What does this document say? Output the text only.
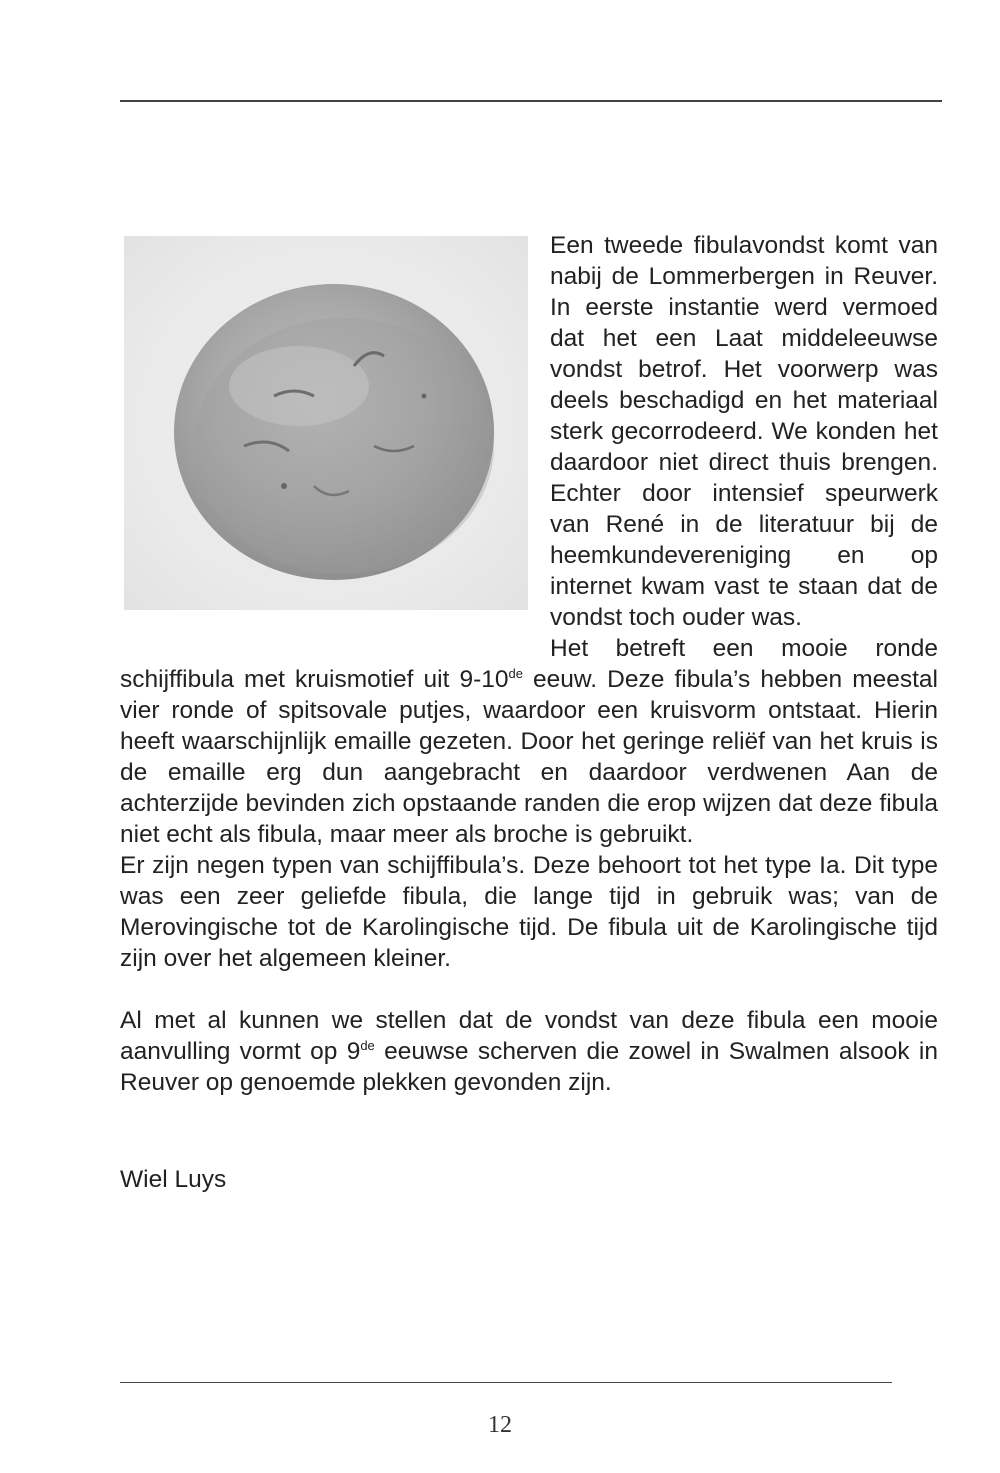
Een tweede fibulavondst komt van nabij de Lommerbergen in Reuver. In eerste instantie werd vermoed dat het een Laat middeleeuwse vondst betrof. Het voorwerp was deels beschadigd en het materiaal sterk gecorrodeerd. We konden het daardoor niet direct thuis brengen. Echter door intensief speurwerk van René in de literatuur bij de heemkundevereniging en op internet kwam vast te staan dat de vondst toch ouder was.

Het betreft een mooie ronde schijffibula met kruismotief uit 9-10de eeuw. Deze fibula’s hebben meestal vier ronde of spitsovale putjes, waardoor een kruisvorm ontstaat. Hierin heeft waarschijnlijk emaille gezeten. Door het geringe reliëf van het kruis is de emaille erg dun aangebracht en daardoor verdwenen Aan de achterzijde bevinden zich opstaande randen die erop wijzen dat deze fibula niet echt als fibula, maar meer als broche is gebruikt.

Er zijn negen typen van schijffibula’s. Deze behoort tot het type Ia. Dit type was een zeer geliefde fibula, die lange tijd in gebruik was; van de Merovingische tot de Karolingische tijd. De fibula uit de Karolingische tijd zijn over het algemeen kleiner.

Al met al kunnen we stellen dat de vondst van deze fibula een mooie aanvulling vormt op 9de eeuwse scherven die zowel in Swalmen alsook in Reuver op genoemde plekken gevonden zijn.

Wiel Luys
12
